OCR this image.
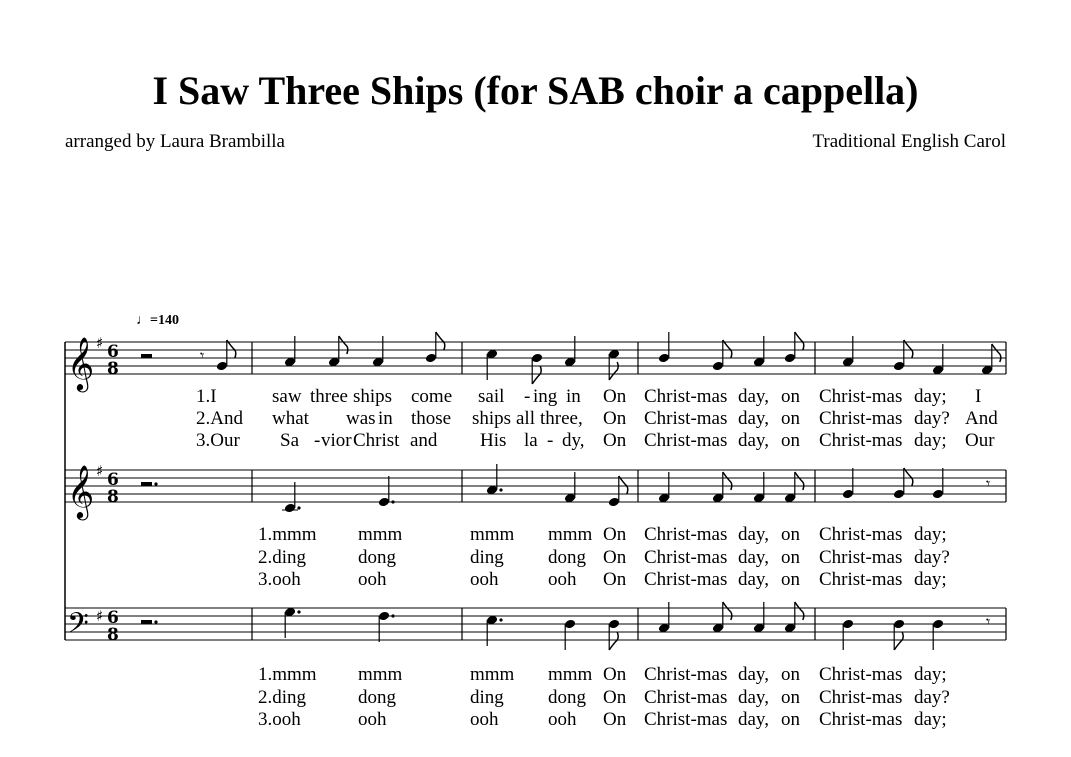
I Saw Three Ships (for SAB choir a cappella)
arranged by Laura Brambilla	Traditional English Carol
♩=140
𝄞 ♯ 6
8
𝄞 ♯ 6
8
𝄢 ♯ 6
8
𝄾
𝄾
𝄾
1.I	saw three ships come sail - ing in On Christ-mas day, on Christ-mas day; I
2.And what was in those ships all three, On Christ-mas day, on Christ-mas day? And
3.Our Sa - vior Christ and His la - dy, On Christ-mas day, on Christ-mas day; Our
1.mmm mmm	mmm mmm On Christ-mas day, on Christ-mas day;
2.ding	dong	ding dong On Christ-mas day, on Christ-mas day?
3.ooh	ooh	ooh	ooh On Christ-mas day, on Christ-mas day;
1.mmm mmm	mmm mmm On Christ-mas day, on Christ-mas day;
2.ding	dong	ding dong On Christ-mas day, on Christ-mas day?
3.ooh	ooh	ooh	ooh On Christ-mas day, on Christ-mas day;
